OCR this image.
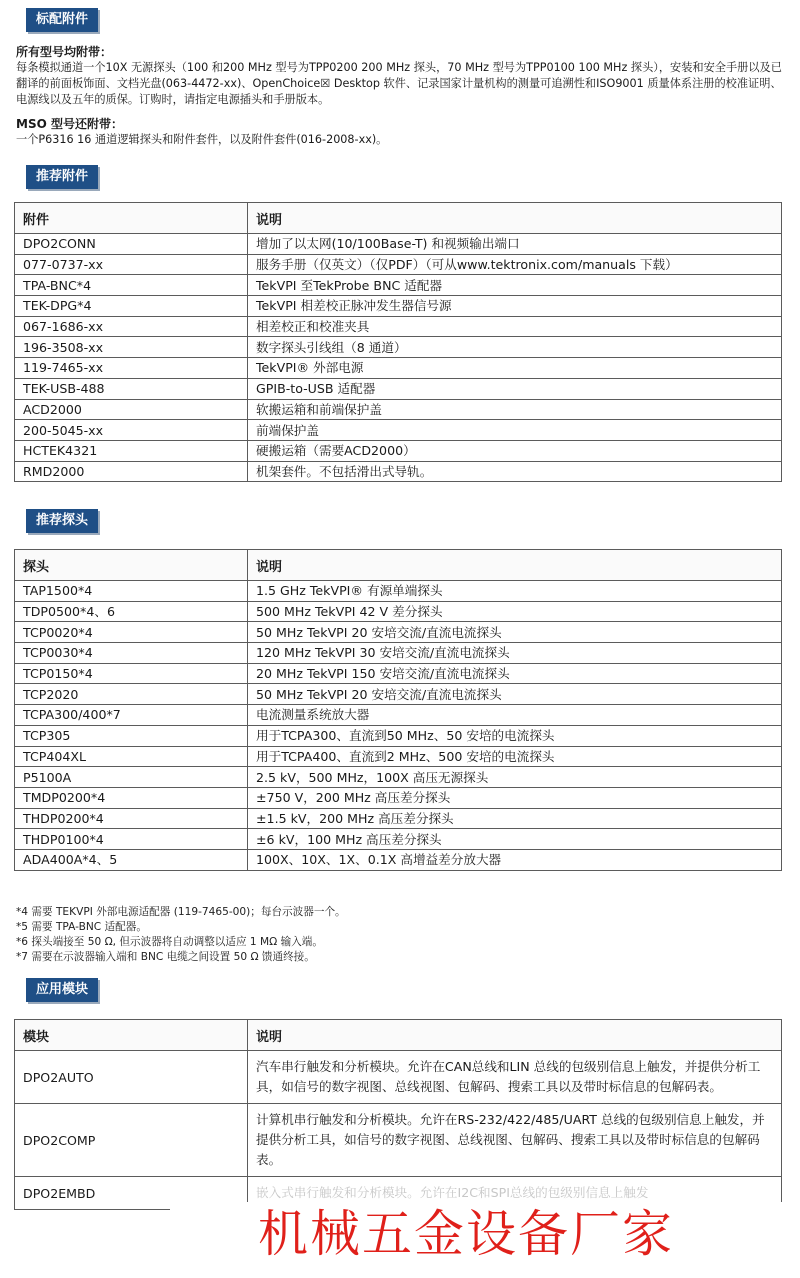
标配附件
所有型号均附带：
每条模拟通道一个10X 无源探头（100 和200 MHz 型号为TPP0200 200 MHz 探头，70 MHz 型号为TPP0100 100 MHz 探头），安装和安全手册以及已翻译的前面板饰面、文档光盘(063-4472-xx)、OpenChoice☒ Desktop 软件、记录国家计量机构的测量可追溯性和ISO9001 质量体系注册的校准证明、电源线以及五年的质保。订购时，请指定电源插头和手册版本。
MSO 型号还附带：
一个P6316 16 通道逻辑探头和附件套件，以及附件套件(016-2008-xx)。
推荐附件
附件	说明
DPO2CONN	增加了以太网(10/100Base-T) 和视频输出端口
077-0737-xx	服务手册（仅英文）（仅PDF）（可从www.tektronix.com/manuals 下载）
TPA-BNC*4	TekVPI 至TekProbe BNC 适配器
TEK-DPG*4	TekVPI 相差校正脉冲发生器信号源
067-1686-xx	相差校正和校准夹具
196-3508-xx	数字探头引线组（8 通道）
119-7465-xx	TekVPI® 外部电源
TEK-USB-488	GPIB-to-USB 适配器
ACD2000	软搬运箱和前端保护盖
200-5045-xx	前端保护盖
HCTEK4321	硬搬运箱（需要ACD2000）
RMD2000	机架套件。不包括滑出式导轨。
推荐探头
探头	说明
TAP1500*4	1.5 GHz TekVPI® 有源单端探头
TDP0500*4、6	500 MHz TekVPI 42 V 差分探头
TCP0020*4	50 MHz TekVPI 20 安培交流/直流电流探头
TCP0030*4	120 MHz TekVPI 30 安培交流/直流电流探头
TCP0150*4	20 MHz TekVPI 150 安培交流/直流电流探头
TCP2020	50 MHz TekVPI 20 安培交流/直流电流探头
TCPA300/400*7	电流测量系统放大器
TCP305	用于TCPA300、直流到50 MHz、50 安培的电流探头
TCP404XL	用于TCPA400、直流到2 MHz、500 安培的电流探头
P5100A	2.5 kV，500 MHz，100X 高压无源探头
TMDP0200*4	±750 V，200 MHz 高压差分探头
THDP0200*4	±1.5 kV，200 MHz 高压差分探头
THDP0100*4	±6 kV，100 MHz 高压差分探头
ADA400A*4、5	100X、10X、1X、0.1X 高增益差分放大器
*4 需要 TEKVPI 外部电源适配器 (119-7465-00)；每台示波器一个。
*5 需要 TPA-BNC 适配器。
*6 探头端接至 50 Ω, 但示波器将自动调整以适应 1 MΩ 输入端。
*7 需要在示波器输入端和 BNC 电缆之间设置 50 Ω 馈通终接。
应用模块
模块	说明
DPO2AUTO	汽车串行触发和分析模块。允许在CAN总线和LIN 总线的包级别信息上触发，并提供分析工具，如信号的数字视图、总线视图、包解码、搜索工具以及带时标信息的包解码表。
DPO2COMP	计算机串行触发和分析模块。允许在RS-232/422/485/UART 总线的包级别信息上触发，并提供分析工具，如信号的数字视图、总线视图、包解码、搜索工具以及带时标信息的包解码表。
DPO2EMBD	嵌入式串行触发和分析模块。允许在I2C和SPI总线的包级别信息上触发
机械五金设备厂家
